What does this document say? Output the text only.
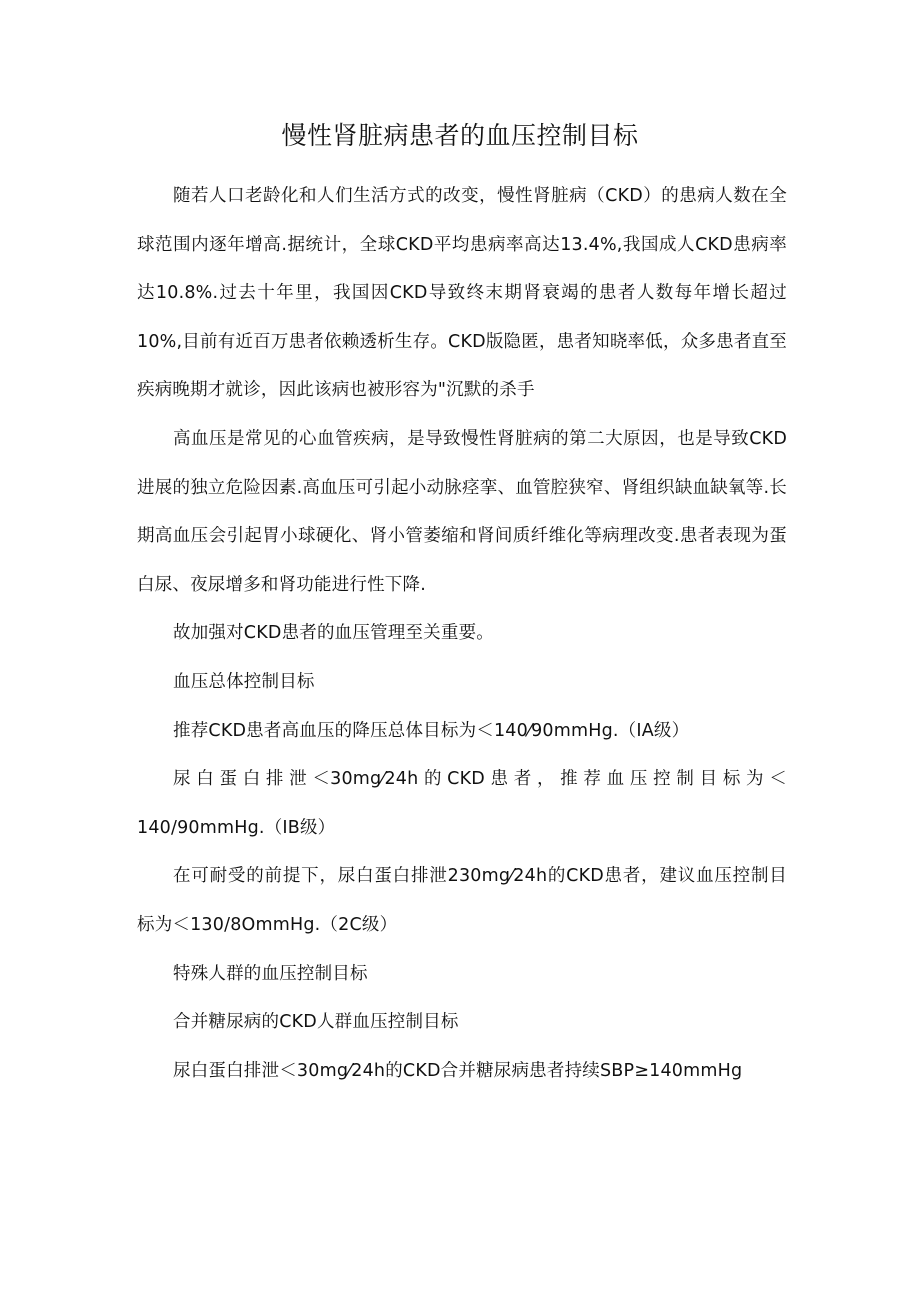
慢性肾脏病患者的血压控制目标

随若人口老龄化和人们生活方式的改变，慢性肾脏病（CKD）的患病人数在全球范围内逐年增高.据统计，全球CKD平均患病率高达13.4%,我国成人CKD患病率达10.8%.过去十年里，我国因CKD导致终末期肾衰竭的患者人数每年增长超过10%,目前有近百万患者依赖透析生存。CKD版隐匿，患者知晓率低，众多患者直至疾病晚期才就诊，因此该病也被形容为"沉默的杀手

高血压是常见的心血管疾病，是导致慢性肾脏病的第二大原因，也是导致CKD进展的独立危险因素.高血压可引起小动脉痉挛、血管腔狭窄、肾组织缺血缺氧等.长期高血压会引起胃小球硬化、肾小管萎缩和肾间质纤维化等病理改变.患者表现为蛋白尿、夜尿增多和肾功能进行性下降.

故加强对CKD患者的血压管理至关重要。

血压总体控制目标

推荐CKD患者高血压的降压总体目标为＜140⁄90mmHg.（IA级）

尿白蛋白排泄＜30mg⁄24h的CKD患者，推荐血压控制目标为＜140/90mmHg.（IB级）

在可耐受的前提下，尿白蛋白排泄230mg⁄24h的CKD患者，建议血压控制目标为＜130/8OmmHg.（2C级）

特殊人群的血压控制目标

合并糖尿病的CKD人群血压控制目标

尿白蛋白排泄＜30mg⁄24h的CKD合并糖尿病患者持续SBP≥140mmHg
